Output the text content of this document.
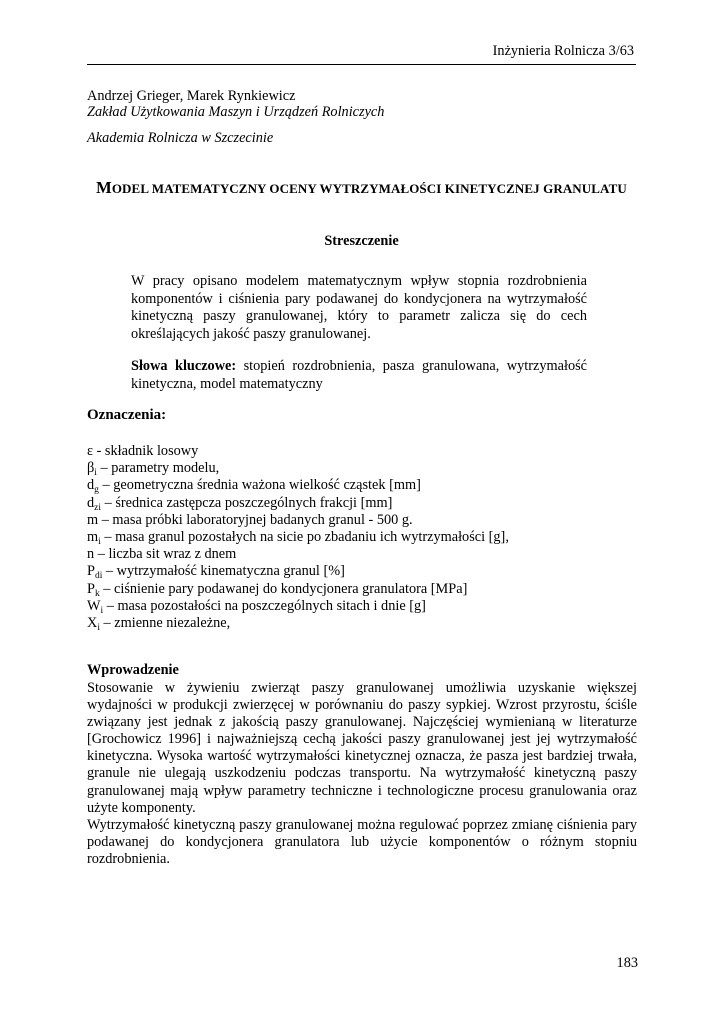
Inżynieria Rolnicza 3/63
Andrzej Grieger, Marek Rynkiewicz
Zakład Użytkowania Maszyn i Urządzeń Rolniczych
Akademia Rolnicza w Szczecinie
MODEL MATEMATYCZNY OCENY WYTRZYMAŁOŚCI KINETYCZNEJ GRANULATU
Streszczenie
W pracy opisano modelem matematycznym wpływ stopnia rozdrobnienia komponentów i ciśnienia pary podawanej do kondycjonera na wytrzymałość kinetyczną paszy granulowanej, który to parametr zalicza się do cech określających jakość paszy granulowanej.
Słowa kluczowe: stopień rozdrobnienia, pasza granulowana, wytrzymałość kinetyczna, model matematyczny
Oznaczenia:
ε - składnik losowy
$\beta_i$ – parametry modelu,
$d_g$ – geometryczna średnia ważona wielkość cząstek [mm]
$d_{zi}$ – średnica zastępcza poszczególnych frakcji [mm]
m – masa próbki laboratoryjnej badanych granul - 500 g.
$m_i$ – masa granul pozostałych na sicie po zbadaniu ich wytrzymałości [g],
n – liczba sit wraz z dnem
$P_{di}$ – wytrzymałość kinematyczna granul [%]
$P_k$ – ciśnienie pary podawanej do kondycjonera granulatora [MPa]
$W_i$ – masa pozostałości na poszczególnych sitach i dnie [g]
$X_i$ – zmienne niezależne,
Wprowadzenie

Stosowanie w żywieniu zwierząt paszy granulowanej umożliwia uzyskanie większej wydajności w produkcji zwierzęcej w porównaniu do paszy sypkiej. Wzrost przyrostu, ściśle związany jest jednak z jakością paszy granulowanej. Najczęściej wymienianą w literaturze [Grochowicz 1996] i najważniejszą cechą jakości paszy granulowanej jest jej wytrzymałość kinetyczna. Wysoka wartość wytrzymałości kinetycznej oznacza, że pasza jest bardziej trwała, granule nie ulegają uszkodzeniu podczas transportu. Na wytrzymałość kinetyczną paszy granulowanej mają wpływ parametry techniczne i technologiczne procesu granulowania oraz użyte komponenty.

Wytrzymałość kinetyczną paszy granulowanej można regulować poprzez zmianę ciśnienia pary podawanej do kondycjonera granulatora lub użycie komponentów o różnym stopniu rozdrobnienia.

183
